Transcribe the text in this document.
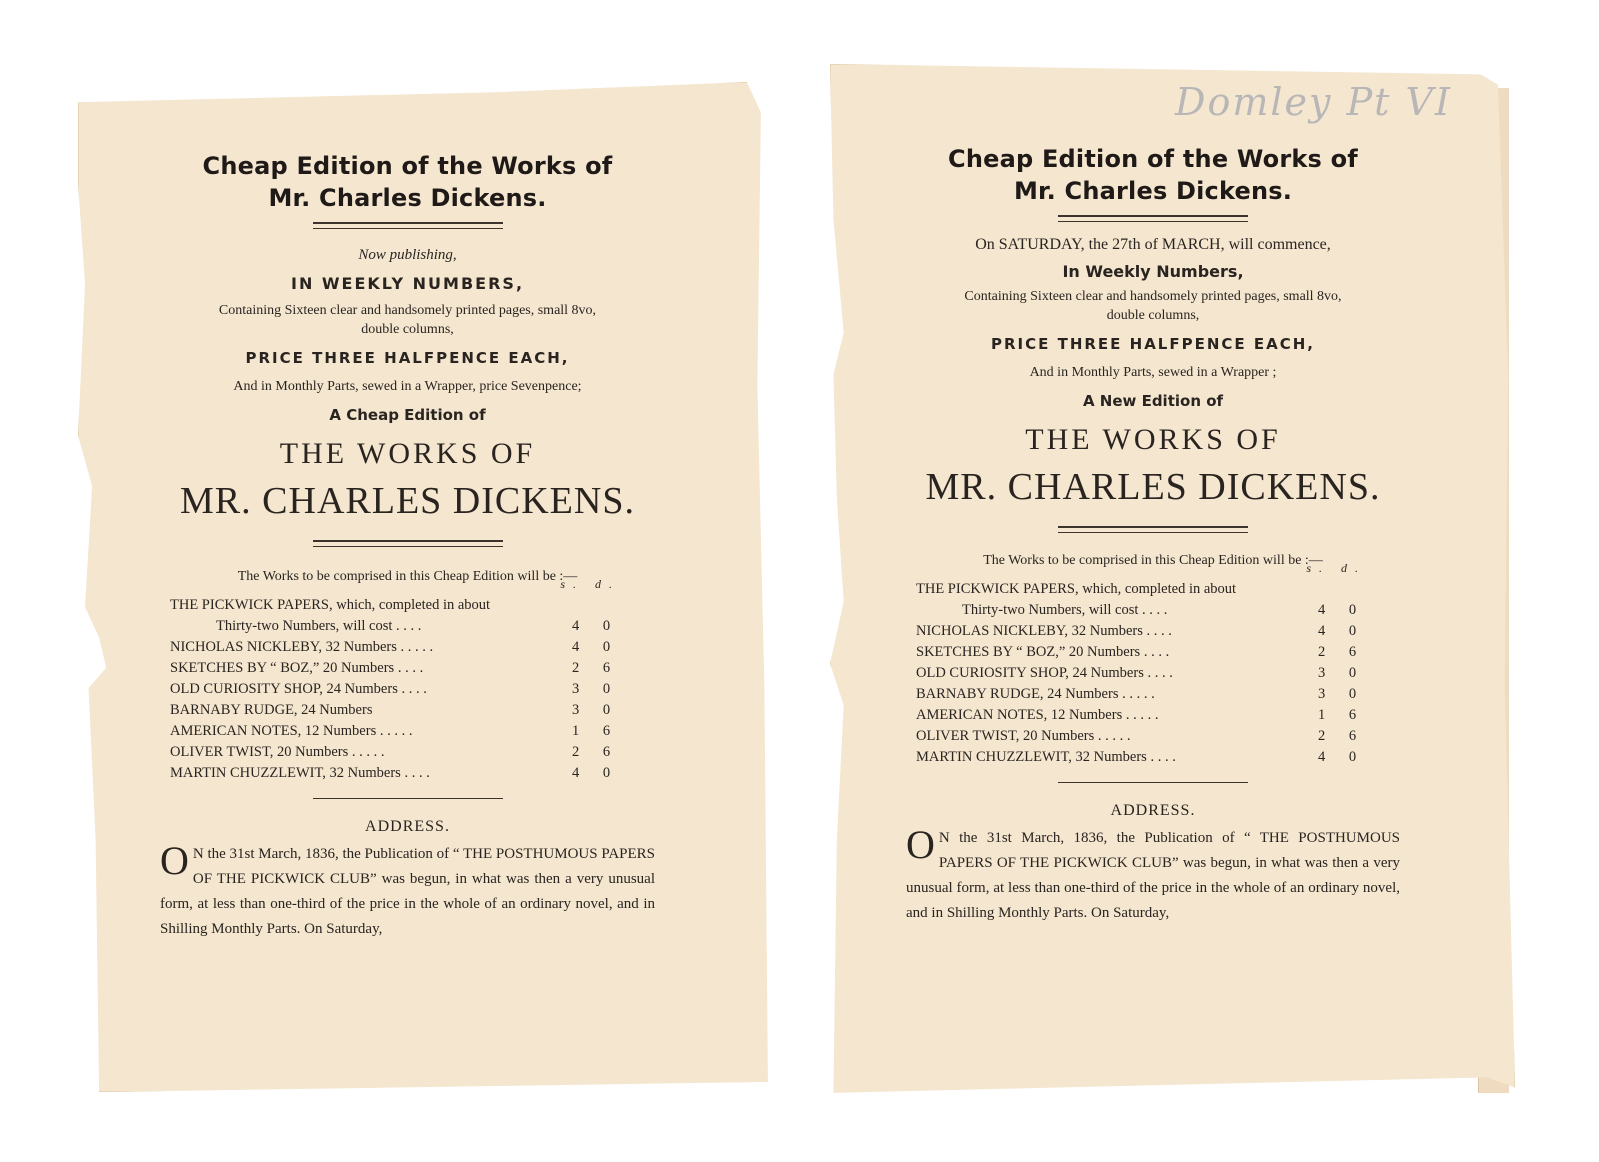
Domley Pt VI
Cheap Edition of the Works of
Mr. Charles Dickens.
Now publishing,
IN WEEKLY NUMBERS,
Containing Sixteen clear and handsomely printed pages, small 8vo,
double columns,
PRICE THREE HALFPENCE EACH,
And in Monthly Parts, sewed in a Wrapper, price Sevenpence;
A Cheap Edition of
THE WORKS OF
MR. CHARLES DICKENS.
The Works to be comprised in this Cheap Edition will be :—
s. d.
THE PICKWICK PAPERS, which, completed in about
Thirty-two Numbers, will cost . . . .	4 0
NICHOLAS NICKLEBY, 32 Numbers . . . . .	4 0
SKETCHES BY “ BOZ,” 20 Numbers . . . .	2 6
OLD CURIOSITY SHOP, 24 Numbers . . . .	3 0
BARNABY RUDGE, 24 Numbers	3 0
AMERICAN NOTES, 12 Numbers . . . . .	1 6
OLIVER TWIST, 20 Numbers . . . . .	2 6
MARTIN CHUZZLEWIT, 32 Numbers . . . .	4 0
ADDRESS.
O N the 31st March, 1836, the Publication of “ THE POSTHUMOUS PAPERS OF THE PICKWICK CLUB” was begun, in what was then a very unusual form, at less than one-third of the price in the whole of an ordinary novel, and in Shilling Monthly Parts. On Saturday,
Cheap Edition of the Works of
Mr. Charles Dickens.
On SATURDAY, the 27th of MARCH, will commence,
In Weekly Numbers,
Containing Sixteen clear and handsomely printed pages, small 8vo,
double columns,
PRICE THREE HALFPENCE EACH,
And in Monthly Parts, sewed in a Wrapper ;
A New Edition of
THE WORKS OF
MR. CHARLES DICKENS.
The Works to be comprised in this Cheap Edition will be :—
s. d.
THE PICKWICK PAPERS, which, completed in about
Thirty-two Numbers, will cost . . . .	4 0
NICHOLAS NICKLEBY, 32 Numbers . . . .	4 0
SKETCHES BY “ BOZ,” 20 Numbers . . . .	2 6
OLD CURIOSITY SHOP, 24 Numbers . . . .	3 0
BARNABY RUDGE, 24 Numbers . . . . .	3 0
AMERICAN NOTES, 12 Numbers . . . . .	1 6
OLIVER TWIST, 20 Numbers . . . . .	2 6
MARTIN CHUZZLEWIT, 32 Numbers . . . .	4 0
ADDRESS.
O N the 31st March, 1836, the Publication of “ THE POSTHUMOUS PAPERS OF THE PICKWICK CLUB” was begun, in what was then a very unusual form, at less than one-third of the price in the whole of an ordinary novel, and in Shilling Monthly Parts. On Saturday,
